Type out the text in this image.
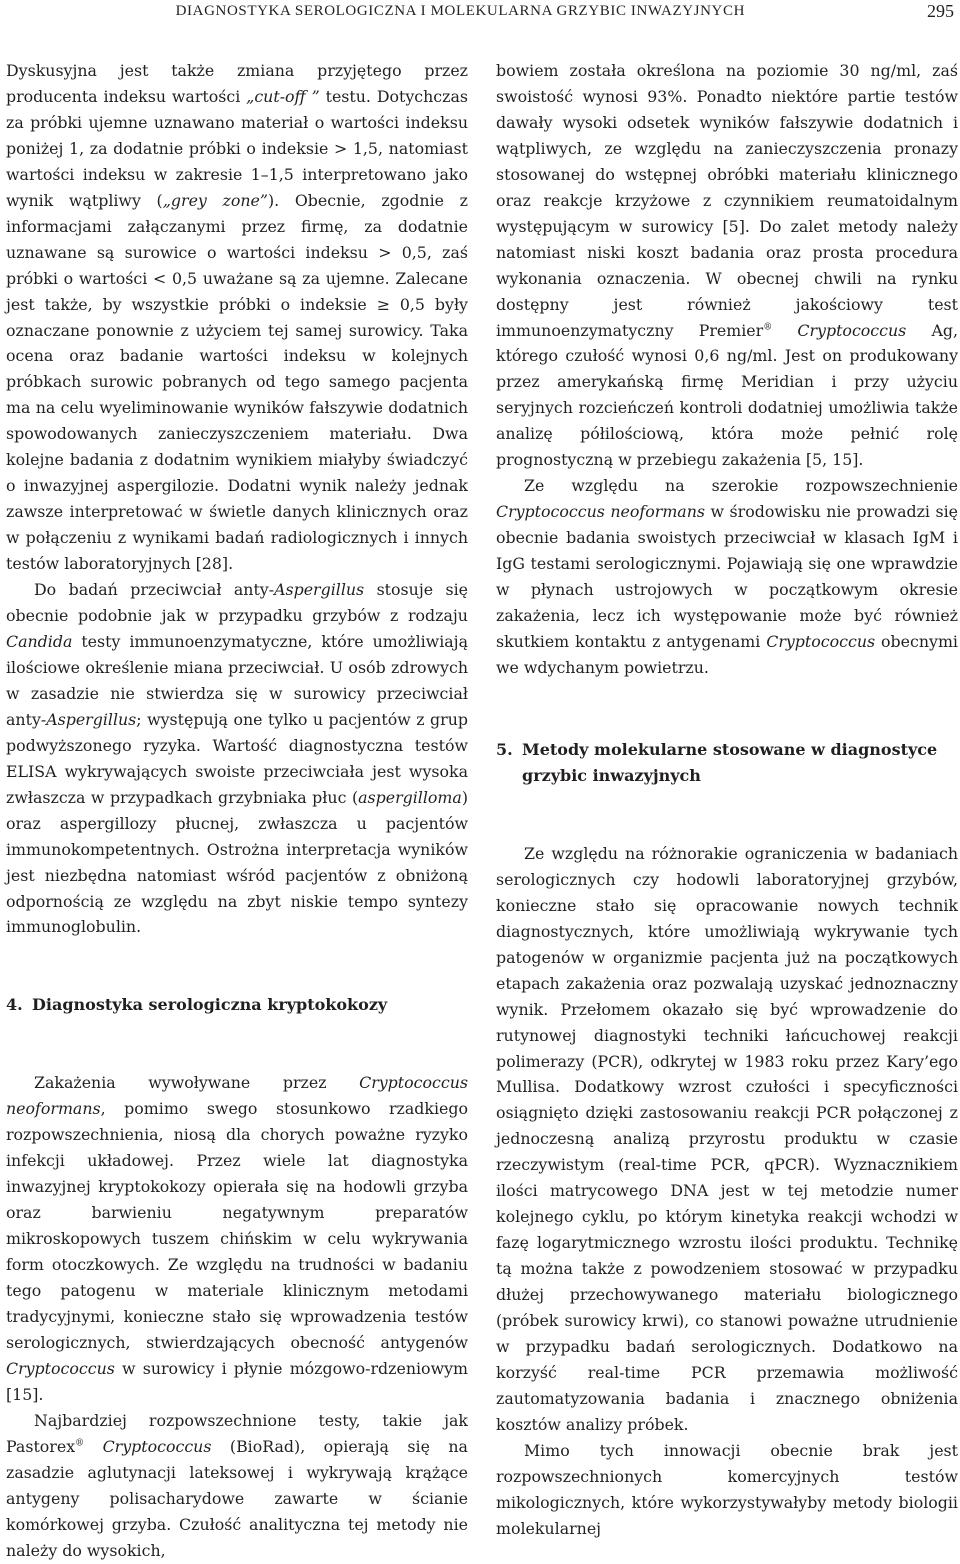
DIAGNOSTYKA SEROLOGICZNA I MOLEKULARNA GRZYBIC INWAZYJNYCH	295

Dyskusyjna jest także zmiana przyjętego przez producenta indeksu wartości „cut-off ” testu. Dotychczas za próbki ujemne uznawano materiał o wartości indeksu poniżej 1, za dodatnie próbki o indeksie > 1,5, natomiast wartości indeksu w zakresie 1–1,5 interpretowano jako wynik wątpliwy („grey zone”). Obecnie, zgodnie z informacjami załączanymi przez firmę, za dodatnie uznawane są surowice o wartości indeksu > 0,5, zaś próbki o wartości < 0,5 uważane są za ujemne. Zalecane jest także, by wszystkie próbki o indeksie ≥ 0,5 były oznaczane ponownie z użyciem tej samej surowicy. Taka ocena oraz badanie wartości indeksu w kolejnych próbkach surowic pobranych od tego samego pacjenta ma na celu wyeliminowanie wyników fałszywie dodatnich spowodowanych zanieczyszczeniem materiału. Dwa kolejne badania z dodatnim wynikiem miałyby świadczyć o inwazyjnej aspergilozie. Dodatni wynik należy jednak zawsze interpretować w świetle danych klinicznych oraz w połączeniu z wynikami badań radiologicznych i innych testów laboratoryjnych [28].

Do badań przeciwciał anty-Aspergillus stosuje się obecnie podobnie jak w przypadku grzybów z rodzaju Candida testy immunoenzymatyczne, które umożliwiają ilościowe określenie miana przeciwciał. U osób zdrowych w zasadzie nie stwierdza się w surowicy przeciwciał anty-Aspergillus; występują one tylko u pacjentów z grup podwyższonego ryzyka. Wartość diagnostyczna testów ELISA wykrywających swoiste przeciwciała jest wysoka zwłaszcza w przypadkach grzybniaka płuc (aspergilloma) oraz aspergillozy płucnej, zwłaszcza u pacjentów immunokompetentnych. Ostrożna interpretacja wyników jest niezbędna natomiast wśród pacjentów z obniżoną odpornością ze względu na zbyt niskie tempo syntezy immunoglobulin.

4. Diagnostyka serologiczna kryptokokozy

Zakażenia wywoływane przez Cryptococcus neoformans, pomimo swego stosunkowo rzadkiego rozpowszechnienia, niosą dla chorych poważne ryzyko infekcji układowej. Przez wiele lat diagnostyka inwazyjnej kryptokokozy opierała się na hodowli grzyba oraz barwieniu negatywnym preparatów mikroskopowych tuszem chińskim w celu wykrywania form otoczkowych. Ze względu na trudności w badaniu tego patogenu w materiale klinicznym metodami tradycyjnymi, konieczne stało się wprowadzenia testów serologicznych, stwierdzających obecność antygenów Cryptococcus w surowicy i płynie mózgowo-rdzeniowym [15].

Najbardziej rozpowszechnione testy, takie jak Pastorex® Cryptococcus (BioRad), opierają się na zasadzie aglutynacji lateksowej i wykrywają krążące antygeny polisacharydowe zawarte w ścianie komórkowej grzyba. Czułość analityczna tej metody nie należy do wysokich,

bowiem została określona na poziomie 30 ng/ml, zaś swoistość wynosi 93%. Ponadto niektóre partie testów dawały wysoki odsetek wyników fałszywie dodatnich i wątpliwych, ze względu na zanieczyszczenia pronazy stosowanej do wstępnej obróbki materiału klinicznego oraz reakcje krzyżowe z czynnikiem reumatoidalnym występującym w surowicy [5]. Do zalet metody należy natomiast niski koszt badania oraz prosta procedura wykonania oznaczenia. W obecnej chwili na rynku dostępny jest również jakościowy test immunoenzymatyczny Premier® Cryptococcus Ag, którego czułość wynosi 0,6 ng/ml. Jest on produkowany przez amerykańską firmę Meridian i przy użyciu seryjnych rozcieńczeń kontroli dodatniej umożliwia także analizę półilościową, która może pełnić rolę prognostyczną w przebiegu zakażenia [5, 15].

Ze względu na szerokie rozpowszechnienie Cryptococcus neoformans w środowisku nie prowadzi się obecnie badania swoistych przeciwciał w klasach IgM i IgG testami serologicznymi. Pojawiają się one wprawdzie w płynach ustrojowych w początkowym okresie zakażenia, lecz ich występowanie może być również skutkiem kontaktu z antygenami Cryptococcus obecnymi we wdychanym powietrzu.

5. Metody molekularne stosowane w diagnostyce grzybic inwazyjnych

Ze względu na różnorakie ograniczenia w badaniach serologicznych czy hodowli laboratoryjnej grzybów, konieczne stało się opracowanie nowych technik diagnostycznych, które umożliwiają wykrywanie tych patogenów w organizmie pacjenta już na początkowych etapach zakażenia oraz pozwalają uzyskać jednoznaczny wynik. Przełomem okazało się być wprowadzenie do rutynowej diagnostyki techniki łańcuchowej reakcji polimerazy (PCR), odkrytej w 1983 roku przez Kary’ego Mullisa. Dodatkowy wzrost czułości i specyficzności osiągnięto dzięki zastosowaniu reakcji PCR połączonej z jednoczesną analizą przyrostu produktu w czasie rzeczywistym (real-time PCR, qPCR). Wyznacznikiem ilości matrycowego DNA jest w tej metodzie numer kolejnego cyklu, po którym kinetyka reakcji wchodzi w fazę logarytmicznego wzrostu ilości produktu. Technikę tą można także z powodzeniem stosować w przypadku dłużej przechowywanego materiału biologicznego (próbek surowicy krwi), co stanowi poważne utrudnienie w przypadku badań serologicznych. Dodatkowo na korzyść real-time PCR przemawia możliwość zautomatyzowania badania i znacznego obniżenia kosztów analizy próbek.

Mimo tych innowacji obecnie brak jest rozpowszechnionych komercyjnych testów mikologicznych, które wykorzystywałyby metody biologii molekularnej
